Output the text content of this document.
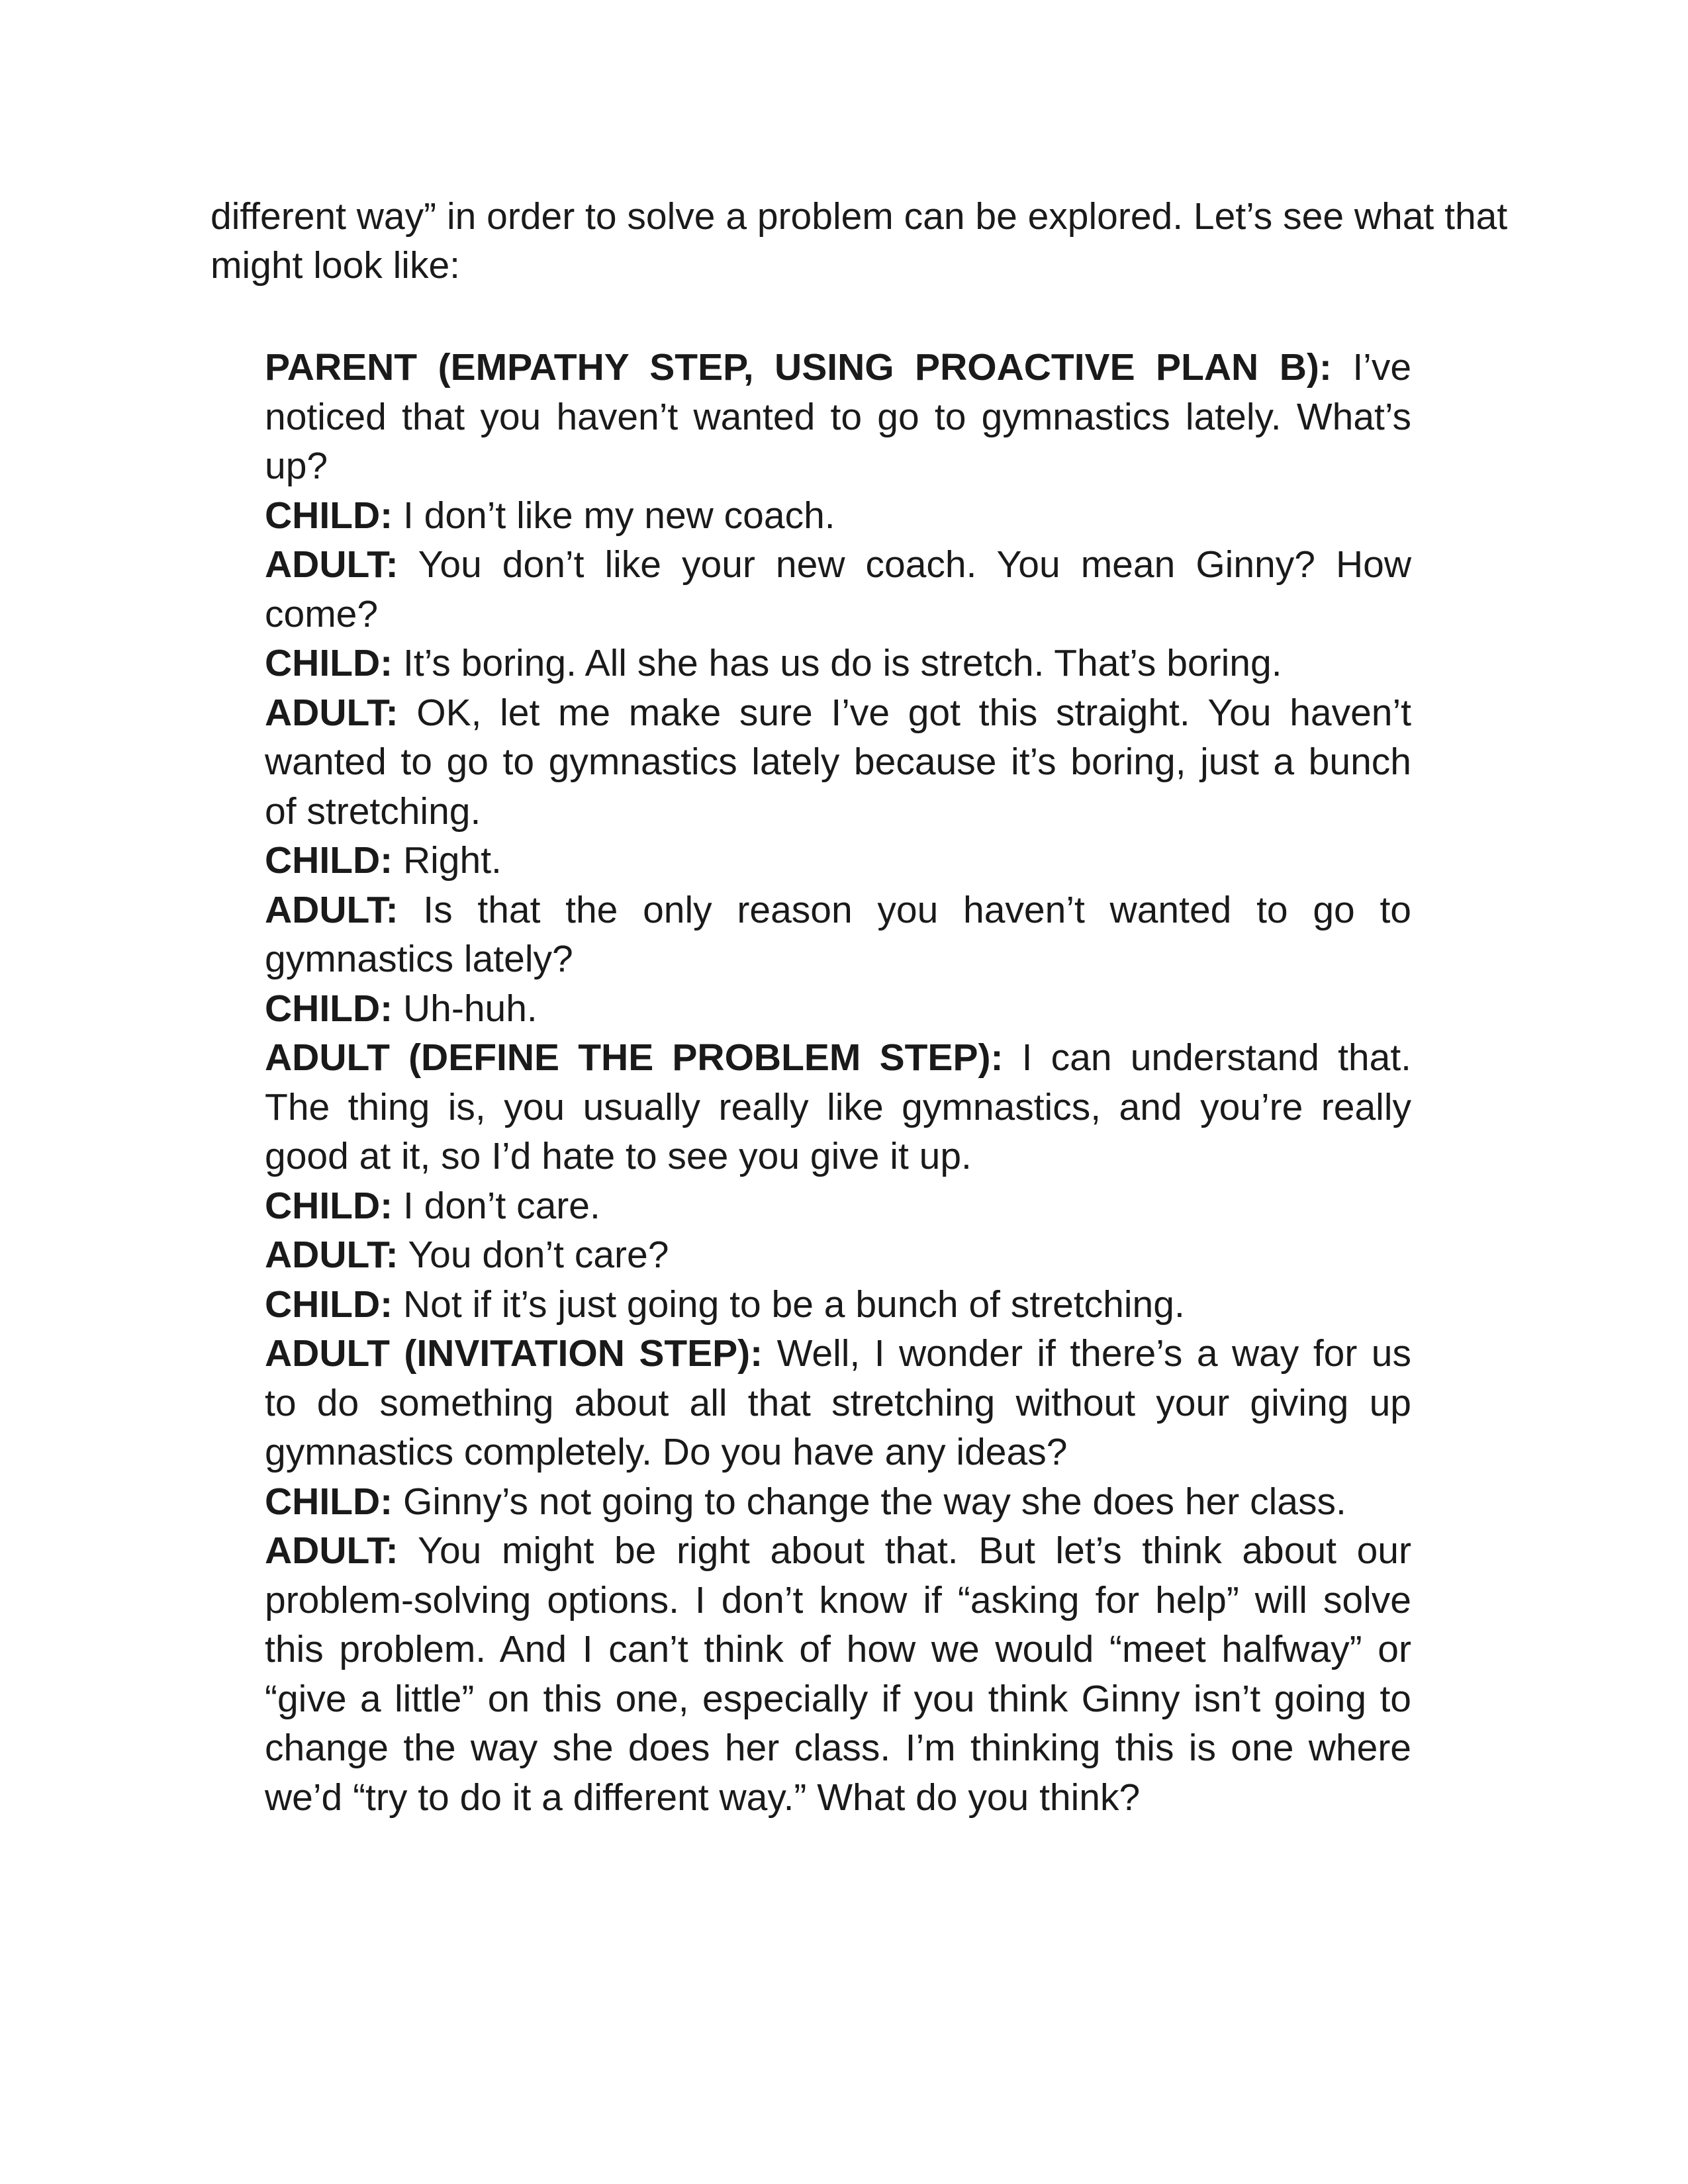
different way” in order to solve a problem can be explored. Let’s see what that might look like:

PARENT (EMPATHY STEP, USING PROACTIVE PLAN B): I’ve noticed that you haven’t wanted to go to gymnastics lately. What’s up?

CHILD: I don’t like my new coach.

ADULT: You don’t like your new coach. You mean Ginny? How come?

CHILD: It’s boring. All she has us do is stretch. That’s boring.

ADULT: OK, let me make sure I’ve got this straight. You haven’t wanted to go to gymnastics lately because it’s boring, just a bunch of stretching.

CHILD: Right.

ADULT: Is that the only reason you haven’t wanted to go to gymnastics lately?

CHILD: Uh-huh.

ADULT (DEFINE THE PROBLEM STEP): I can understand that. The thing is, you usually really like gymnastics, and you’re really good at it, so I’d hate to see you give it up.

CHILD: I don’t care.

ADULT: You don’t care?

CHILD: Not if it’s just going to be a bunch of stretching.

ADULT (INVITATION STEP): Well, I wonder if there’s a way for us to do something about all that stretching without your giving up gymnastics completely. Do you have any ideas?

CHILD: Ginny’s not going to change the way she does her class.

ADULT: You might be right about that. But let’s think about our problem-solving options. I don’t know if “asking for help” will solve this problem. And I can’t think of how we would “meet halfway” or “give a little” on this one, especially if you think Ginny isn’t going to change the way she does her class. I’m thinking this is one where we’d “try to do it a different way.” What do you think?
